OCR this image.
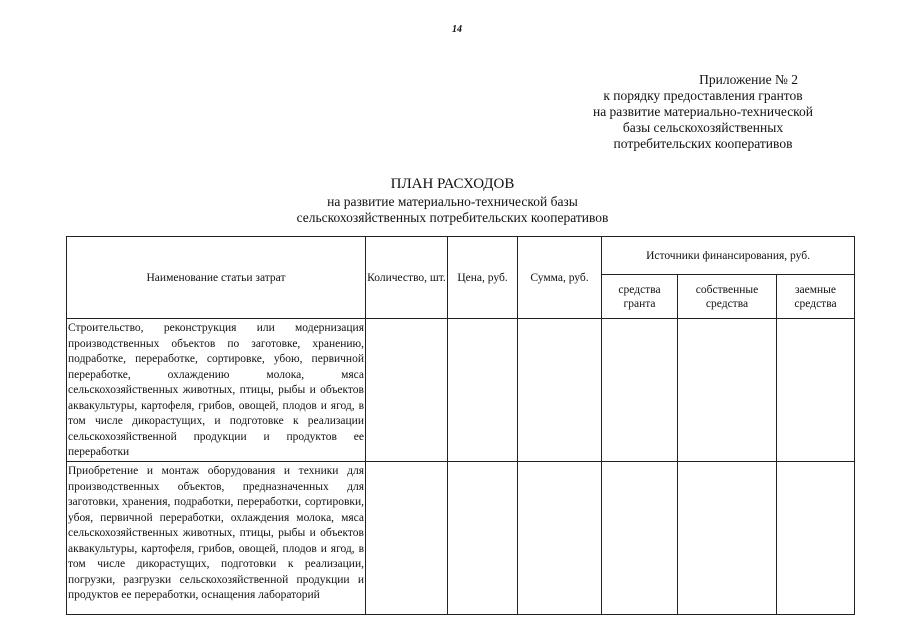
14
Приложение № 2
к порядку предоставления грантов
на развитие материально-технической
базы сельскохозяйственных
потребительских кооперативов
ПЛАН РАСХОДОВ
на развитие материально-технической базы
сельскохозяйственных потребительских кооперативов
Наименование статьи затрат	Количество, шт.	Цена, руб.	Сумма, руб.	Источники финансирования, руб.		
				средства гранта	собственные средства	заемные средства
Строительство, реконструкция или модернизация производственных объектов по заготовке, хранению, подработке, переработке, сортировке, убою, первичной переработке, охлаждению молока, мяса сельскохозяйственных животных, птицы, рыбы и объектов аквакультуры, картофеля, грибов, овощей, плодов и ягод, в том числе дикорастущих, и подготовке к реализации сельскохозяйственной продукции и продуктов ее переработки						
Приобретение и монтаж оборудования и техники для производственных объектов, предназначенных для заготовки, хранения, подработки, переработки, сортировки, убоя, первичной переработки, охлаждения молока, мяса сельскохозяйственных животных, птицы, рыбы и объектов аквакультуры, картофеля, грибов, овощей, плодов и ягод, в том числе дикорастущих, подготовки к реализации, погрузки, разгрузки сельскохозяйственной продукции и продуктов ее переработки, оснащения лабораторий						
